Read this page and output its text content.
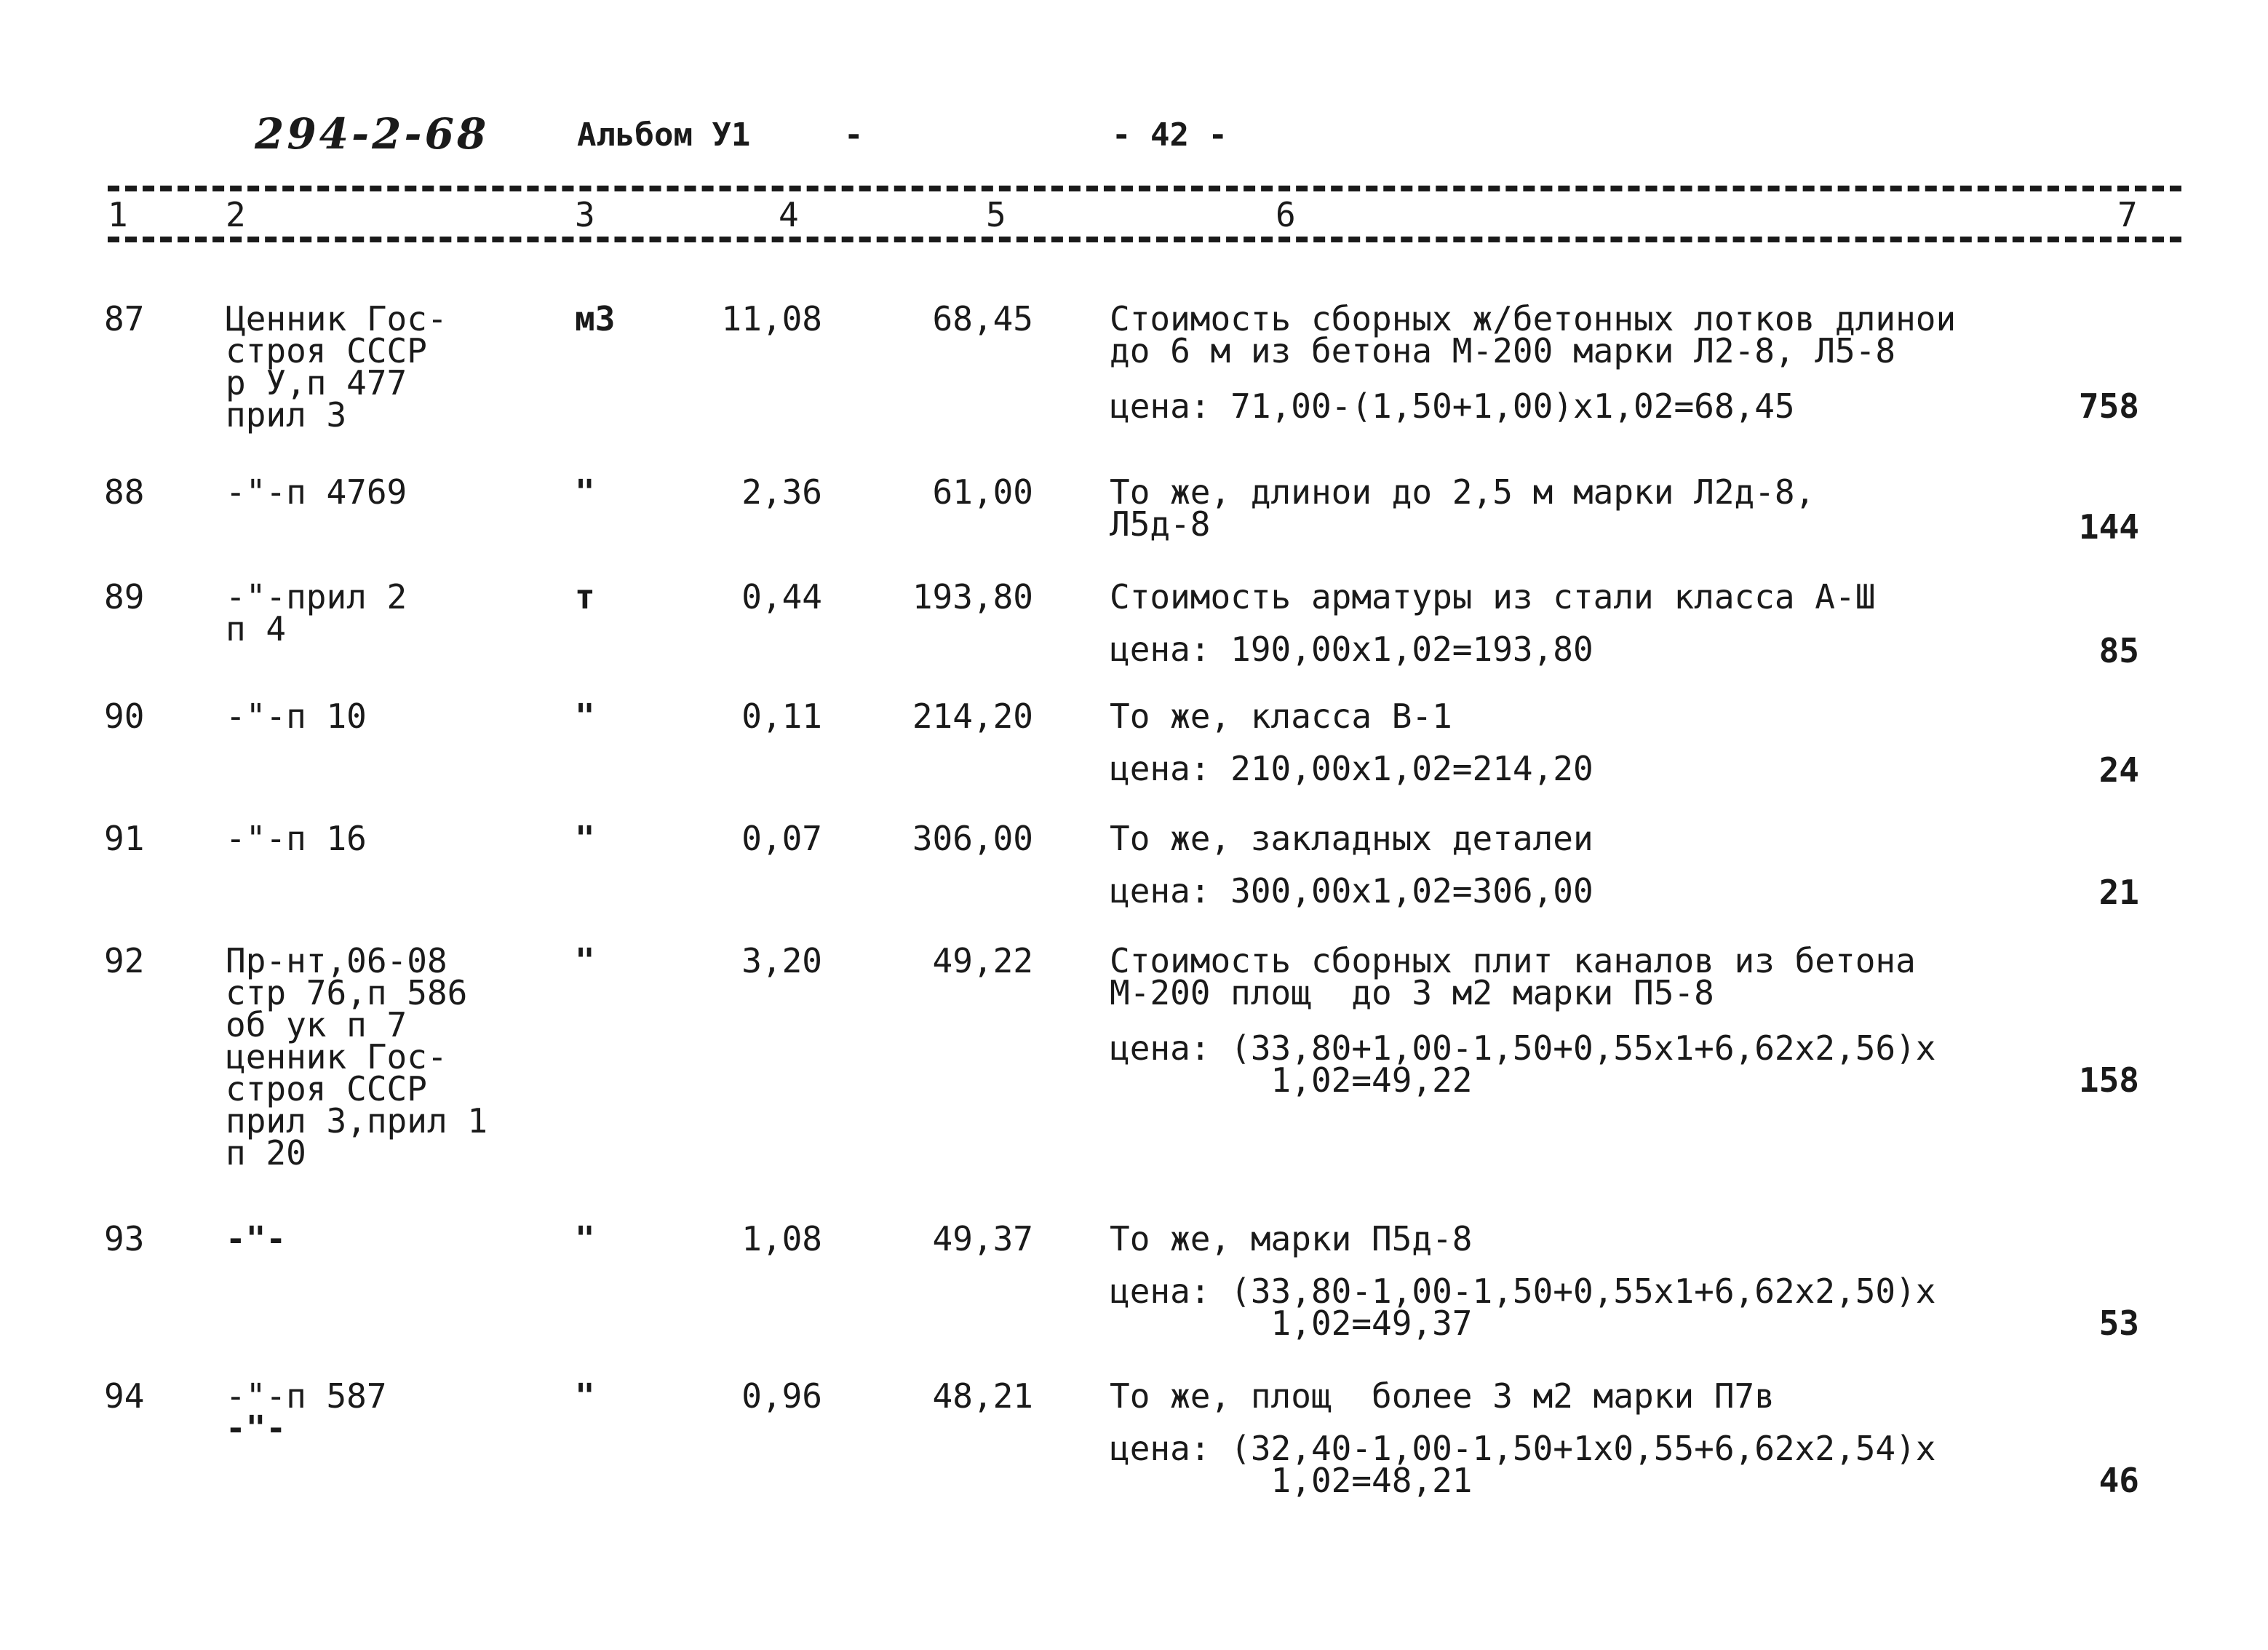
294-2-68	Альбом У1	-	- 42 -
1	2	3	4	5	6	7
87 Ценник Гос-
строя СССР
р У,п 477
прил 3
м3	11,08	68,45 Стоимость сборных ж/бетонных лотков длинои
до 6 м из бетона М-200 марки Л2-8, Л5-8
цена: 71,00-(1,50+1,00)х1,02=68,45	758
88 -"-п 4769	"	2,36	61,00 То же, длинои до 2,5 м марки Л2д-8,
Л5д-8	144
89 -"-прил 2
п 4
т	0,44	193,80 Стоимость арматуры из стали класса А-Ш
цена: 190,00х1,02=193,80	85
90 -"-п 10	"	0,11	214,20 То же, класса В-1
цена: 210,00х1,02=214,20	24
91 -"-п 16	"	0,07	306,00 То же, закладных деталеи
цена: 300,00х1,02=306,00	21
92 Пр-нт,06-08
стр 76,п 586
об ук п 7
ценник Гос-
строя СССР
прил 3,прил 1
п 20
"	3,20	49,22 Стоимость сборных плит каналов из бетона
М-200 площ  до 3 м2 марки П5-8
цена: (33,80+1,00-1,50+0,55х1+6,62х2,56)х
1,02=49,22	158
93 -"-	"	1,08	49,37 То же, марки П5д-8
цена: (33,80-1,00-1,50+0,55х1+6,62х2,50)х
1,02=49,37	53
94 -"-п 587
-"-
"	0,96	48,21 То же, площ  более 3 м2 марки П7в
цена: (32,40-1,00-1,50+1х0,55+6,62х2,54)х
1,02=48,21	46
